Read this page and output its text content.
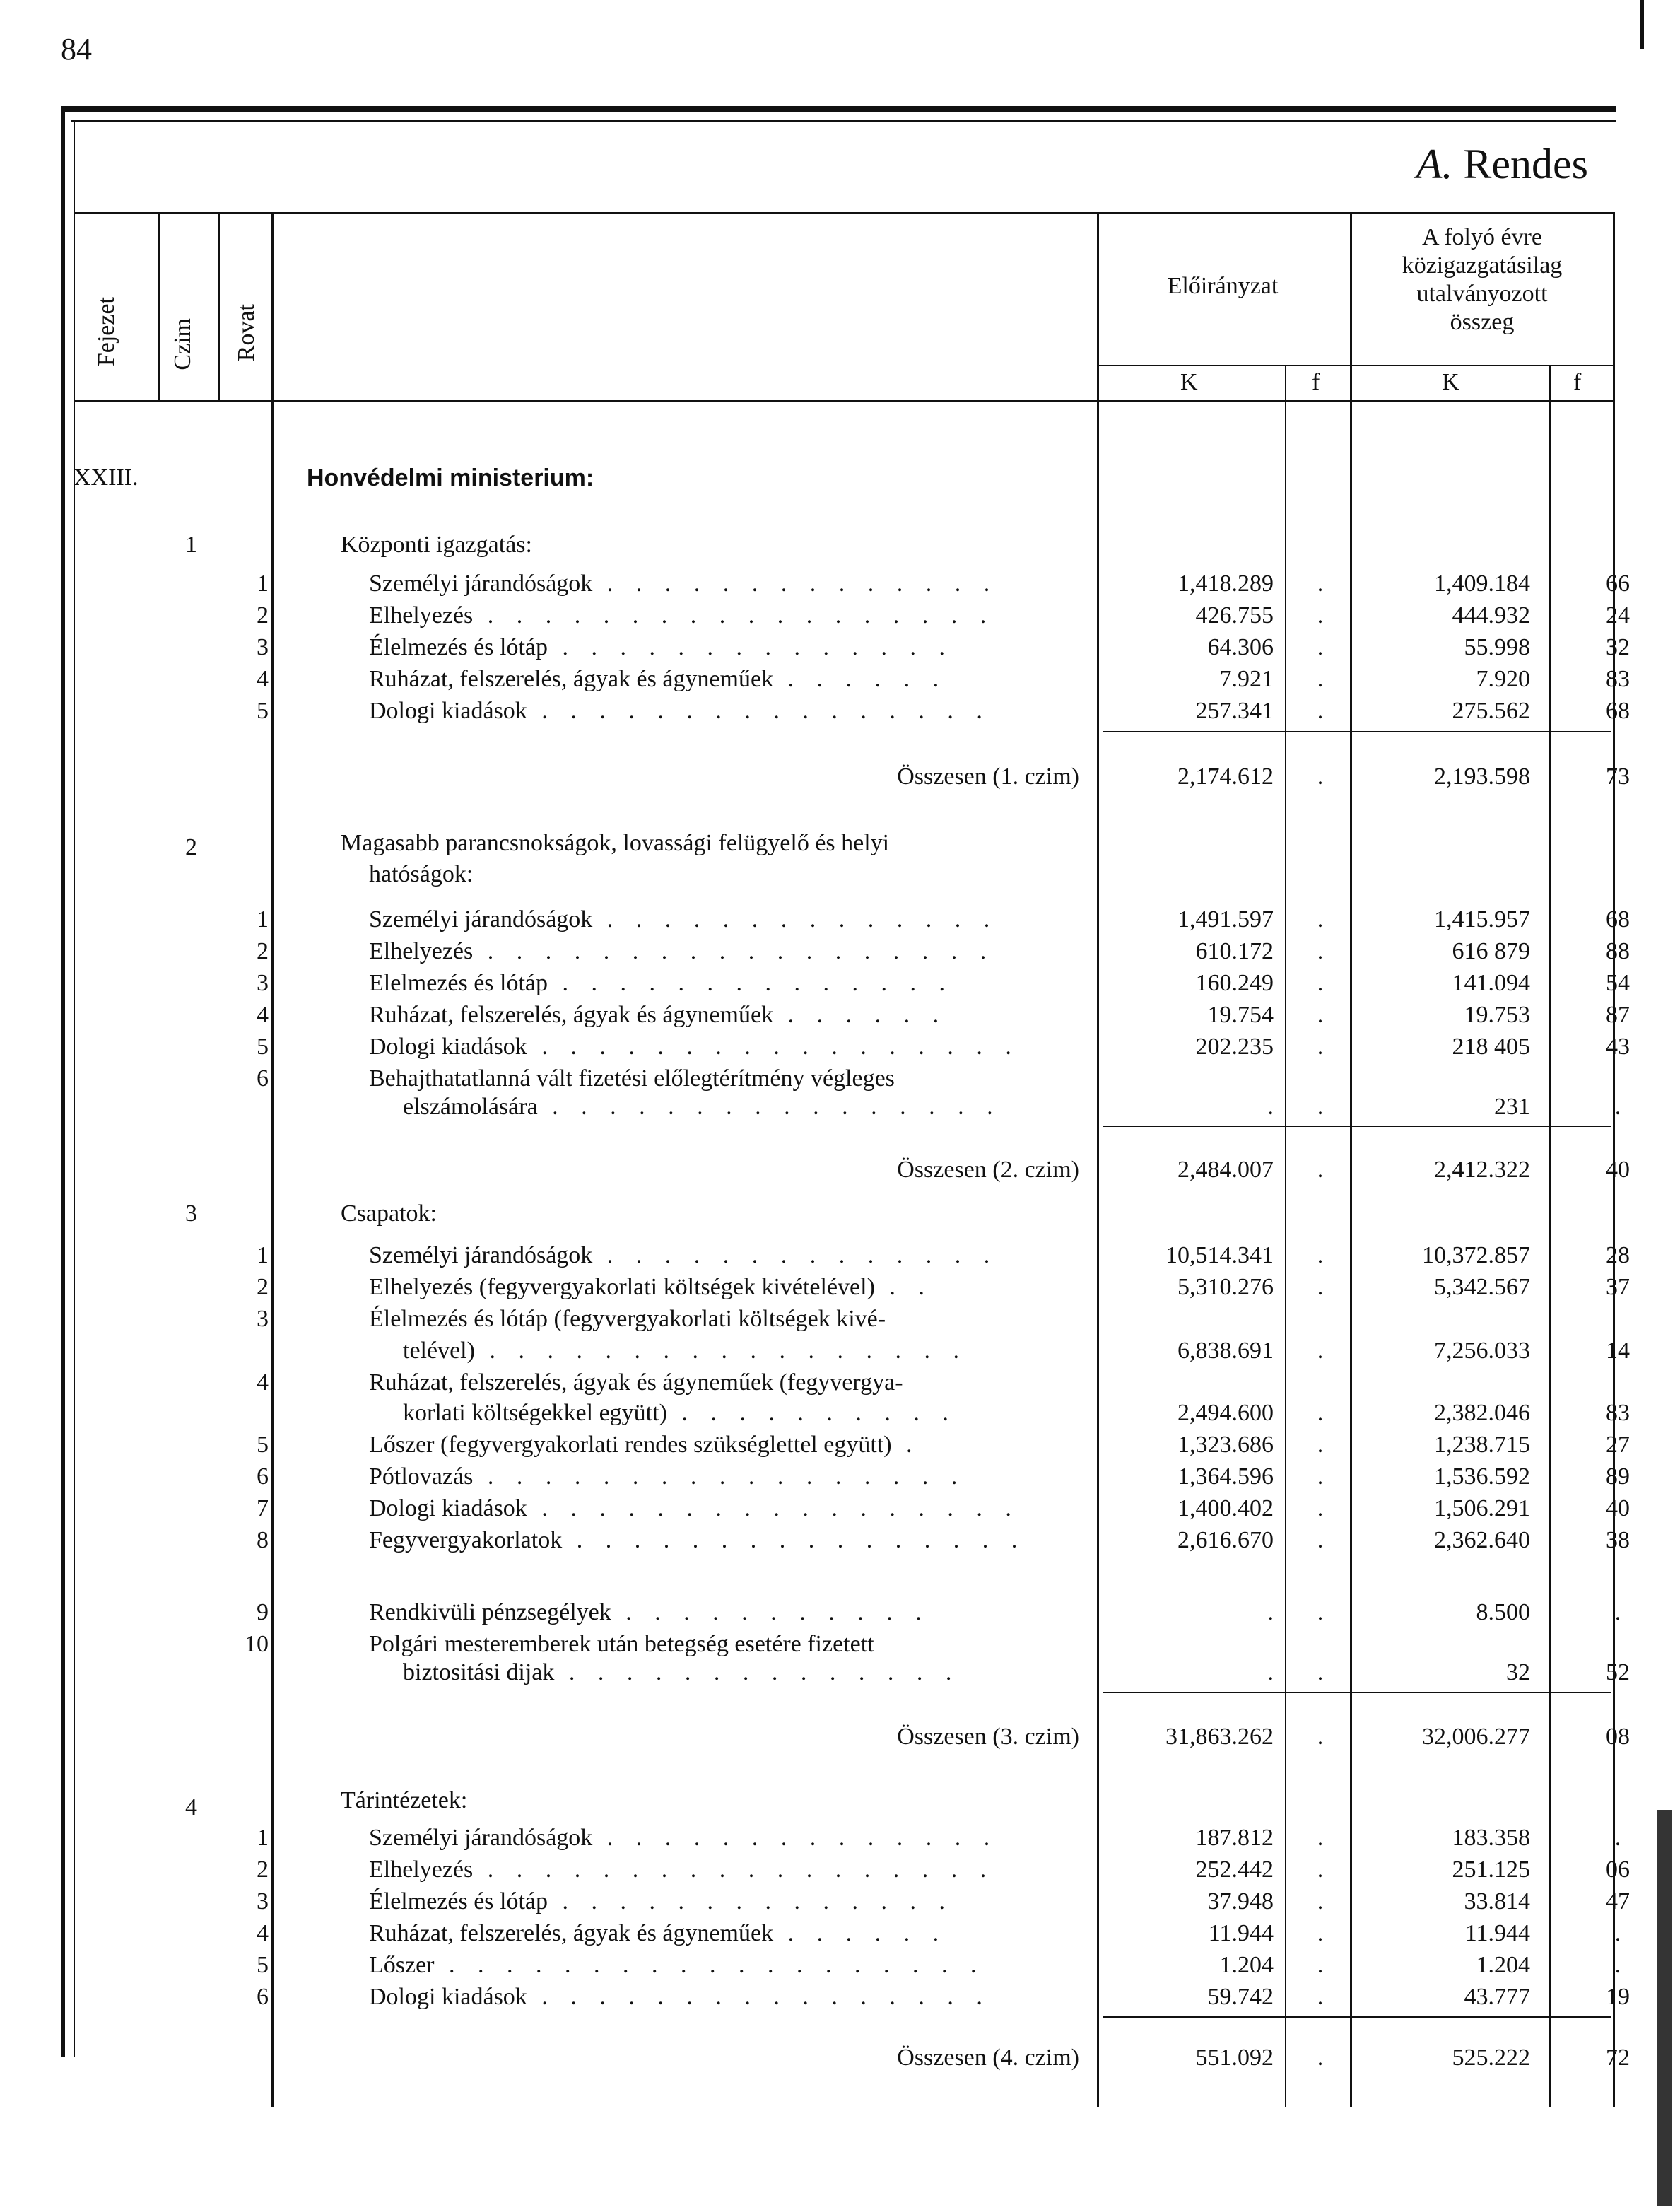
84
A. Rendes
Fejezet Czim Rovat
Előirányzat
A folyó évre
közigazgatásilag
utalványozott
összeg
K	f	K	f
XXIII.	Honvédelmi ministerium:
1	Központi igazgatás:
1	Személyi járandóságok . . . . . . . . . . . . . .	1,418.289 .	1,409.184	66
2	Elhelyezés . . . . . . . . . . . . . . . . . .	426.755 .	444.932	24
3	Élelmezés és lótáp . . . . . . . . . . . . . .	64.306 .	55.998	32
4	Ruházat, felszerelés, ágyak és ágyneműek . . . . . .	7.921 .	7.920	83
5	Dologi kiadások . . . . . . . . . . . . . . . .	257.341 .	275.562	68
Összesen (1. czim)	2,174.612 .	2,193.598	73
2	Magasabb parancsnokságok, lovassági felügyelő és helyi
hatóságok:
1	Személyi járandóságok . . . . . . . . . . . . . .	1,491.597 .	1,415.957	68
2	Elhelyezés . . . . . . . . . . . . . . . . . .	610.172 .	616 879	88
3	Elelmezés és lótáp . . . . . . . . . . . . . .	160.249 .	141.094	54
4	Ruházat, felszerelés, ágyak és ágyneműek . . . . . .	19.754 .	19.753	87
5	Dologi kiadások . . . . . . . . . . . . . . . . .	202.235 .	218 405	43
6	Behajthatatlanná vált fizetési előlegtérítmény végleges
elszámolására . . . . . . . . . . . . . . . .	. .	231	.
Összesen (2. czim)	2,484.007 .	2,412.322	40
3	Csapatok:
1	Személyi járandóságok . . . . . . . . . . . . . .	10,514.341 .	10,372.857	28
2	Elhelyezés (fegyvergyakorlati költségek kivételével) . .	5,310.276 .	5,342.567	37
3	Élelmezés és lótáp (fegyvergyakorlati költségek kivé-
telével) . . . . . . . . . . . . . . . . .	6,838.691 .	7,256.033	14
4	Ruházat, felszerelés, ágyak és ágyneműek (fegyvergya-
korlati költségekkel együtt) . . . . . . . . . .	2,494.600 .	2,382.046	83
5	Lőszer (fegyvergyakorlati rendes szükséglettel együtt) .	1,323.686 .	1,238.715	27
6	Pótlovazás . . . . . . . . . . . . . . . . .	1,364.596 .	1,536.592	89
7	Dologi kiadások . . . . . . . . . . . . . . . . .	1,400.402 .	1,506.291	40
8	Fegyvergyakorlatok . . . . . . . . . . . . . . . .	2,616.670 .	2,362.640	38
9	Rendkivüli pénzsegélyek . . . . . . . . . . .	. .	8.500	.
10	Polgári mesteremberek után betegség esetére fizetett
biztositási dijak . . . . . . . . . . . . . .	. .	32	52
Összesen (3. czim)	31,863.262 .	32,006.277	08
4	Tárintézetek:
1	Személyi járandóságok . . . . . . . . . . . . . .	187.812 .	183.358	.
2	Elhelyezés . . . . . . . . . . . . . . . . . .	252.442 .	251.125	06
3	Élelmezés és lótáp . . . . . . . . . . . . . .	37.948 .	33.814	47
4	Ruházat, felszerelés, ágyak és ágyneműek . . . . . .	11.944 .	11.944	.
5	Lőszer . . . . . . . . . . . . . . . . . . .	1.204 .	1.204	.
6	Dologi kiadások . . . . . . . . . . . . . . . .	59.742 .	43.777	19
Összesen (4. czim)	551.092 .	525.222	72
